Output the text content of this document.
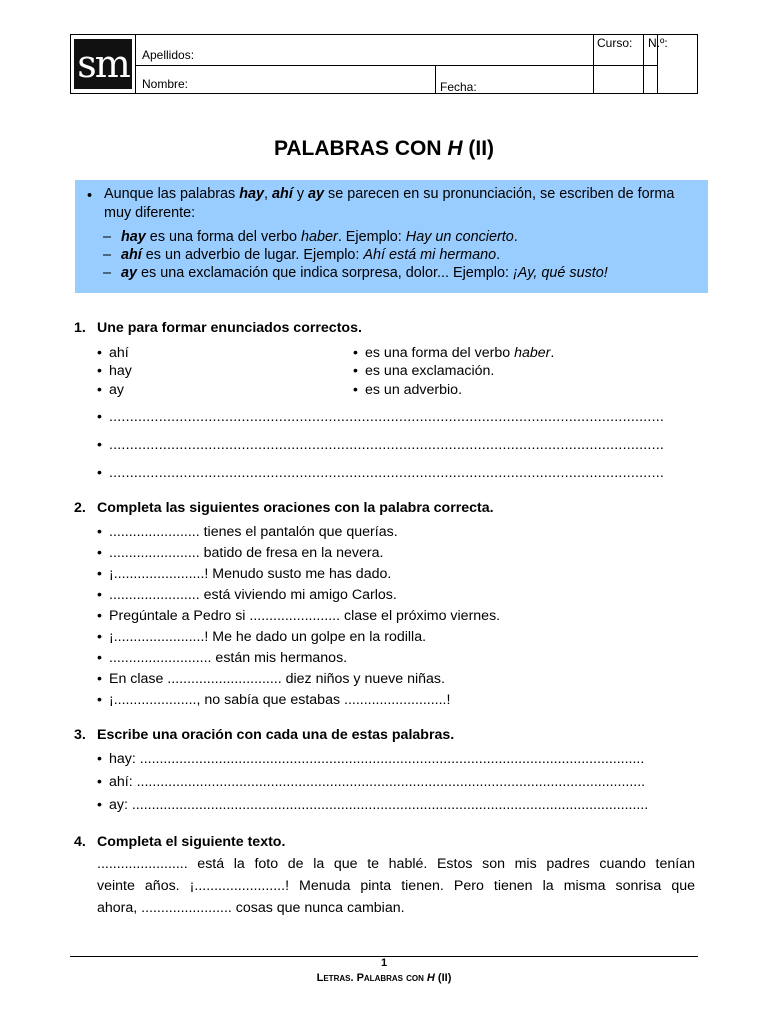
sm Apellidos:
Nombre:	Fecha:
Curso: N.º:
PALABRAS CON H (II)
• Aunque las palabras hay, ahí y ay se parecen en su pronunciación, se escriben de forma muy diferente:
– hay es una forma del verbo haber. Ejemplo: Hay un concierto.
– ahí es un adverbio de lugar. Ejemplo: Ahí está mi hermano.
– ay es una exclamación que indica sorpresa, dolor... Ejemplo: ¡Ay, qué susto!
1. Une para formar enunciados correctos.
• ahí
• hay
• ay
• es una forma del verbo haber.
• es una exclamación.
• es un adverbio.
• ......................................................................................................................................
• ......................................................................................................................................
• ......................................................................................................................................
2. Completa las siguientes oraciones con la palabra correcta.
• ....................... tienes el pantalón que querías.
• ....................... batido de fresa en la nevera.
• ¡.......................! Menudo susto me has dado.
• ....................... está viviendo mi amigo Carlos.
• Pregúntale a Pedro si ....................... clase el próximo viernes.
• ¡.......................! Me he dado un golpe en la rodilla.
• .......................... están mis hermanos.
• En clase ............................. diez niños y nueve niñas.
• ¡....................., no sabía que estabas ..........................!
3. Escribe una oración con cada una de estas palabras.
• hay: ................................................................................................................................
• ahí: .................................................................................................................................
• ay: ...................................................................................................................................
4. Completa el siguiente texto.
....................... está la foto de la que te hablé. Estos son mis padres cuando tenían
veinte años. ¡.......................! Menuda pinta tienen. Pero tienen la misma sonrisa que
ahora, ....................... cosas que nunca cambian.
1
Letras. Palabras con H (II)
